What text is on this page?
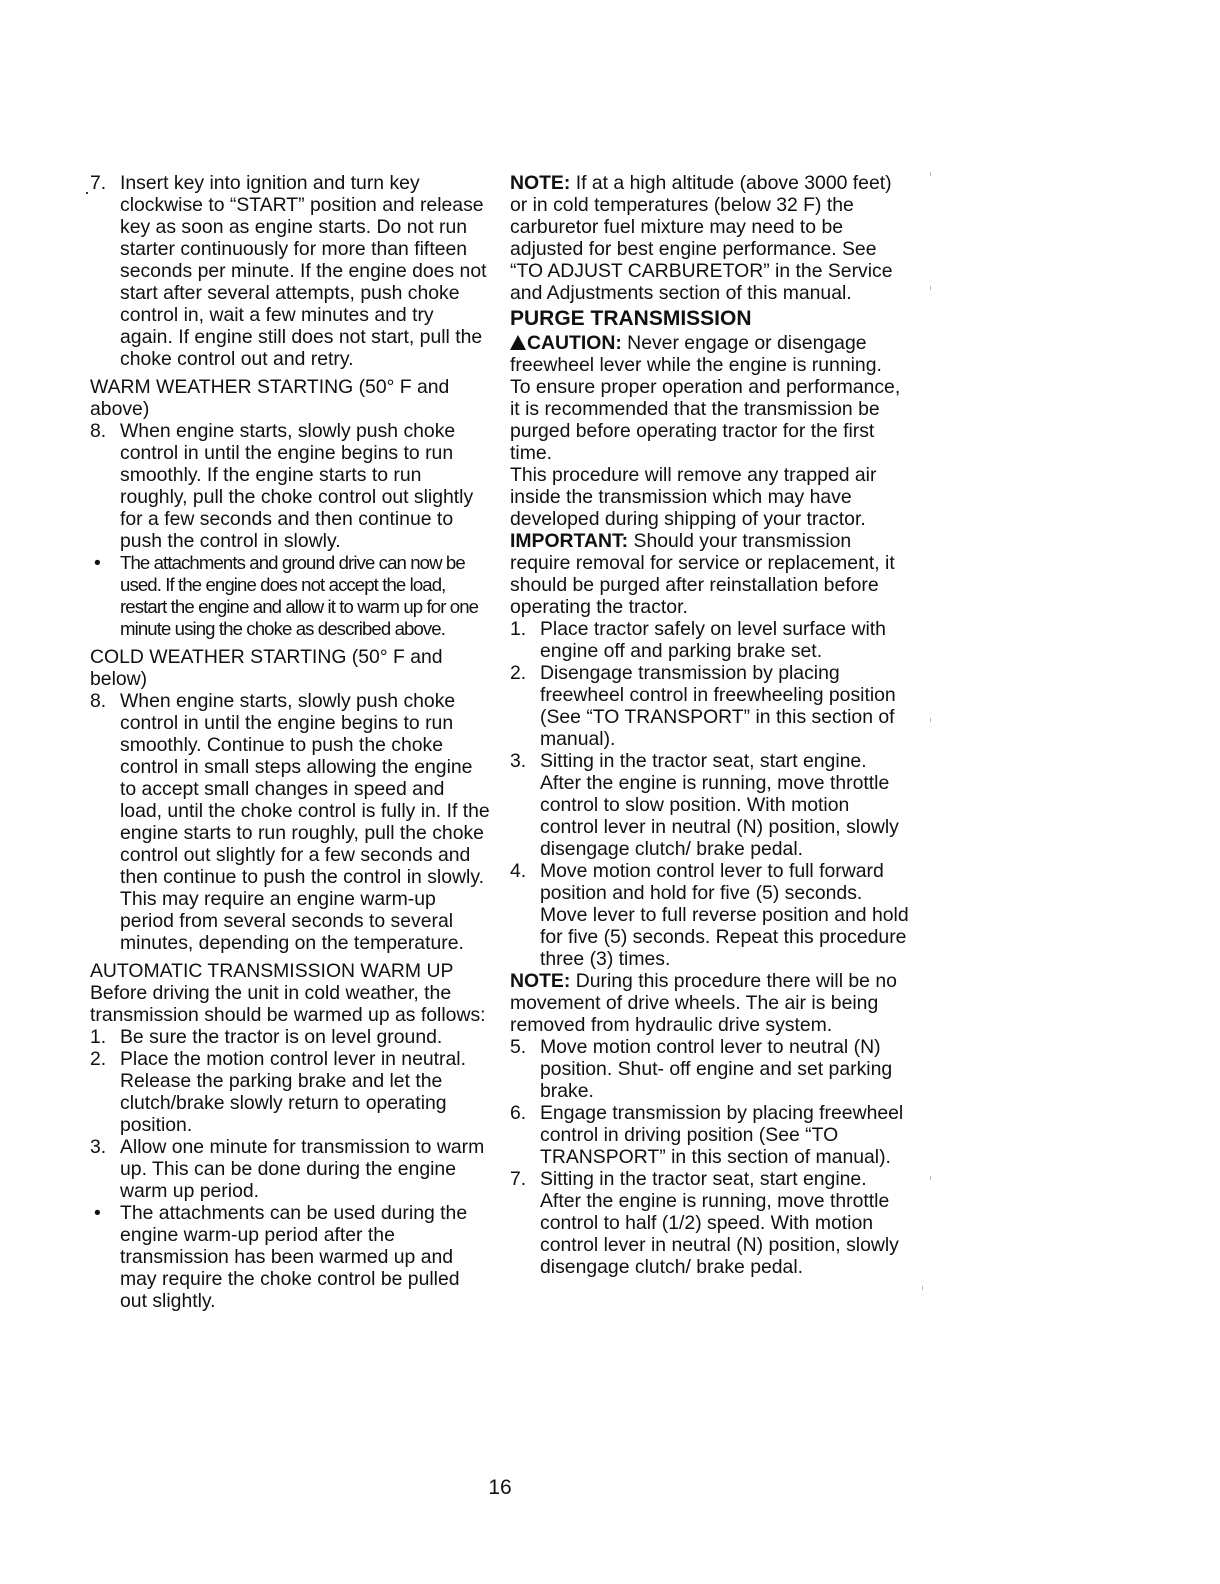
7. Insert key into ignition and turn key clockwise to “START” position and release key as soon as engine starts. Do not run starter continuously for more than fifteen seconds per minute. If the engine does not start after several attempts, push choke control in, wait a few minutes and try again. If engine still does not start, pull the choke control out and retry.

WARM WEATHER STARTING (50° F and above)

8. When engine starts, slowly push choke control in until the engine begins to run smoothly. If the engine starts to run roughly, pull the choke control out slightly for a few seconds and then continue to push the control in slowly.
•	The attachments and ground drive can now be used. If the engine does not accept the load, restart the engine and allow it to warm up for one minute using the choke as described above.

COLD WEATHER STARTING (50° F and below)

8. When engine starts, slowly push choke control in until the engine begins to run smoothly. Continue to push the choke control in small steps allowing the engine to accept small changes in speed and load, until the choke control is fully in. If the engine starts to run roughly, pull the choke control out slightly for a few seconds and then continue to push the control in slowly. This may require an engine warm-up period from several seconds to several minutes, depending on the temperature.

AUTOMATIC TRANSMISSION WARM UP

Before driving the unit in cold weather, the transmission should be warmed up as follows:

1. Be sure the tractor is on level ground.
2. Place the motion control lever in neutral. Release the parking brake and let the clutch/brake slowly return to operating position.
3. Allow one minute for transmission to warm up. This can be done during the engine warm up period.
• The attachments can be used during the engine warm-up period after the transmission has been warmed up and may require the choke control be pulled out slightly.

NOTE: If at a high altitude (above 3000 feet) or in cold temperatures (below 32 F) the carburetor fuel mixture may need to be adjusted for best engine performance. See “TO ADJUST CARBURETOR” in the Service and Adjustments section of this manual.

PURGE TRANSMISSION

CAUTION: Never engage or disengage freewheel lever while the engine is running.

To ensure proper operation and performance, it is recommended that the transmission be purged before operating tractor for the first time.

This procedure will remove any trapped air inside the transmission which may have developed during shipping of your tractor.

IMPORTANT: Should your transmission require removal for service or replacement, it should be purged after reinstallation before operating the tractor.

1. Place tractor safely on level surface with engine off and parking brake set.
2. Disengage transmission by placing freewheel control in freewheeling position (See “TO TRANSPORT” in this section of manual).
3. Sitting in the tractor seat, start engine. After the engine is running, move throttle control to slow position. With motion control lever in neutral (N) position, slowly disengage clutch/ brake pedal.
4. Move motion control lever to full forward position and hold for five (5) seconds. Move lever to full reverse position and hold for five (5) seconds. Repeat this procedure three (3) times.

NOTE: During this procedure there will be no movement of drive wheels. The air is being removed from hydraulic drive system.

5. Move motion control lever to neutral (N) position. Shut- off engine and set parking brake.
6. Engage transmission by placing freewheel control in driving position (See “TO TRANSPORT” in this section of manual).
7. Sitting in the tractor seat, start engine. After the engine is running, move throttle control to half (1/2) speed. With motion control lever in neutral (N) position, slowly disengage clutch/ brake pedal.
16
